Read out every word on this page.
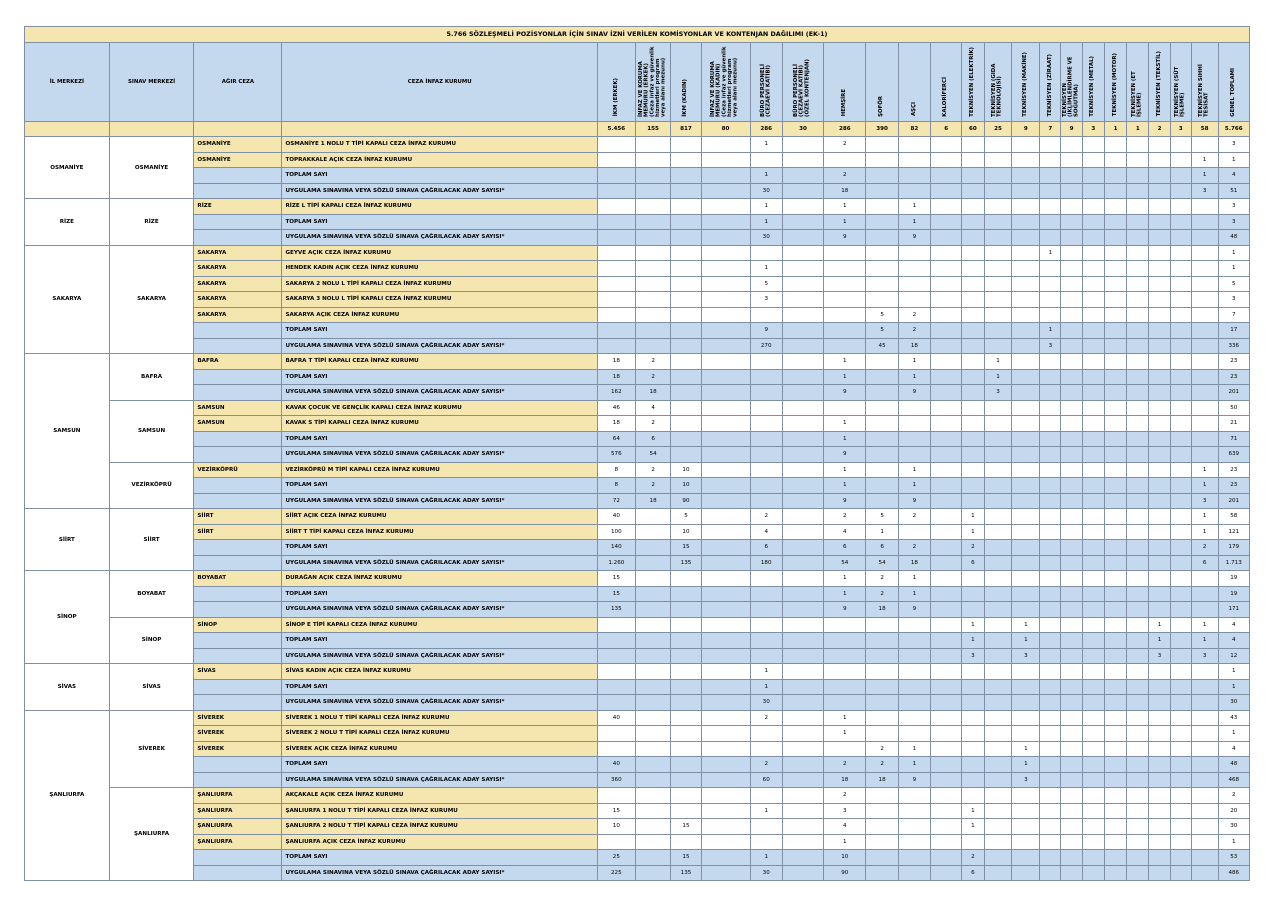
5.766 SÖZLEŞMELİ POZİSYONLAR İÇİN SINAV İZNİ VERİLEN KOMİSYONLAR VE KONTENJAN DAĞILIMI (EK-1)																									
İL MERKEZİ	SINAV MERKEZİ	AĞIR CEZA	CEZA İNFAZ KURUMU	İKM (ERKEK)	İNFAZ VE KORUMA MEMURU (ERKEK) (Ceza infaz ve güvenlik hizmetleri program veya alanı mezunu)	İKM (KADIN)	İNFAZ VE KORUMA MEMURU (KADIN) (Ceza infaz ve güvenlik hizmetleri program veya alanı mezunu)	BÜRO PERSONELİ (CEZAEVİ KATİBİ)	BÜRO PERSONELİ (CEZAEVİ KATİBİ) (ÖZEL KONTENJAN)	HEMŞİRE	ŞOFÖR	AŞÇI	KALORİFERCİ	TEKNİSYEN (ELEKTRİK)	TEKNİSYEN (GIDA TEKNOLOJİSİ)	TEKNİSYEN (MAKİNE)	TEKNİSYEN (ZİRAAT)	TEKNİSYEN (İKLİMLENDİRME VE SOĞUTMA)	TEKNİSYEN (METAL)	TEKNİSYEN (MOTOR)	TEKNİSYEN (ET İŞLEME)	TEKNİSYEN (TEKSTİL)	TEKNİSYEN (SÜT İŞLEME)	TEKNİSYEN SIHHİ TESİSAT	GENEL TOPLAMI
				5.456	155	817	80	286	30	286	390	82	6	60	25	9	7	9	3	1	1	2	3	58	5.766
OSMANİYE	OSMANİYE	OSMANİYE	OSMANİYE 1 NOLU T TİPİ KAPALI CEZA İNFAZ KURUMU					1		2															3
		OSMANİYE	TOPRAKKALE AÇIK CEZA İNFAZ KURUMU																					1	1
			TOPLAM SAYI					1		2														1	4
			UYGULAMA SINAVINA VEYA SÖZLÜ SINAVA ÇAĞRILACAK ADAY SAYISI*					30		18														3	51
RİZE	RİZE	RİZE	RİZE L TİPİ KAPALI CEZA İNFAZ KURUMU					1		1		1													3
			TOPLAM SAYI					1		1		1													3
			UYGULAMA SINAVINA VEYA SÖZLÜ SINAVA ÇAĞRILACAK ADAY SAYISI*					30		9		9													48
SAKARYA	SAKARYA	SAKARYA	GEYVE AÇIK CEZA İNFAZ KURUMU														1								1
		SAKARYA	HENDEK KADIN AÇIK CEZA İNFAZ KURUMU					1																	1
		SAKARYA	SAKARYA 2 NOLU L TİPİ KAPALI CEZA İNFAZ KURUMU					5																	5
		SAKARYA	SAKARYA 3 NOLU L TİPİ KAPALI CEZA İNFAZ KURUMU					3																	3
		SAKARYA	SAKARYA AÇIK CEZA İNFAZ KURUMU								5	2													7
			TOPLAM SAYI					9			5	2					1								17
			UYGULAMA SINAVINA VEYA SÖZLÜ SINAVA ÇAĞRILACAK ADAY SAYISI*					270			45	18					3								336
SAMSUN	BAFRA	BAFRA	BAFRA T TİPİ KAPALI CEZA İNFAZ KURUMU	18	2					1		1			1										23
			TOPLAM SAYI	18	2					1		1			1										23
			UYGULAMA SINAVINA VEYA SÖZLÜ SINAVA ÇAĞRILACAK ADAY SAYISI*	162	18					9		9			3										201
	SAMSUN	SAMSUN	KAVAK ÇOCUK VE GENÇLİK KAPALI CEZA İNFAZ KURUMU	46	4																				50
		SAMSUN	KAVAK S TİPİ KAPALI CEZA İNFAZ KURUMU	18	2					1															21
			TOPLAM SAYI	64	6					1															71
			UYGULAMA SINAVINA VEYA SÖZLÜ SINAVA ÇAĞRILACAK ADAY SAYISI*	576	54					9															639
	VEZİRKÖPRÜ	VEZİRKÖPRÜ	VEZİRKÖPRÜ M TİPİ KAPALI CEZA İNFAZ KURUMU	8	2	10				1		1												1	23
			TOPLAM SAYI	8	2	10				1		1												1	23
			UYGULAMA SINAVINA VEYA SÖZLÜ SINAVA ÇAĞRILACAK ADAY SAYISI*	72	18	90				9		9												3	201
SİİRT	SİİRT	SİİRT	SİİRT AÇIK CEZA İNFAZ KURUMU	40		5		2		2	5	2		1										1	58
		SİİRT	SİİRT T TİPİ KAPALI CEZA İNFAZ KURUMU	100		10		4		4	1			1										1	121
			TOPLAM SAYI	140		15		6		6	6	2		2										2	179
			UYGULAMA SINAVINA VEYA SÖZLÜ SINAVA ÇAĞRILACAK ADAY SAYISI*	1.260		135		180		54	54	18		6										6	1.713
SİNOP	BOYABAT	BOYABAT	DURAĞAN AÇIK CEZA İNFAZ KURUMU	15						1	2	1													19
			TOPLAM SAYI	15						1	2	1													19
			UYGULAMA SINAVINA VEYA SÖZLÜ SINAVA ÇAĞRILACAK ADAY SAYISI*	135						9	18	9													171
	SİNOP	SİNOP	SİNOP E TİPİ KAPALI CEZA İNFAZ KURUMU											1		1						1		1	4
			TOPLAM SAYI											1		1						1		1	4
			UYGULAMA SINAVINA VEYA SÖZLÜ SINAVA ÇAĞRILACAK ADAY SAYISI*											3		3						3		3	12
SİVAS	SİVAS	SİVAS	SİVAS KADIN AÇIK CEZA İNFAZ KURUMU					1																	1
			TOPLAM SAYI					1																	1
			UYGULAMA SINAVINA VEYA SÖZLÜ SINAVA ÇAĞRILACAK ADAY SAYISI*					30																	30
ŞANLIURFA	SİVEREK	SİVEREK	SİVEREK 1 NOLU T TİPİ KAPALI CEZA İNFAZ KURUMU	40				2		1															43
		SİVEREK	SİVEREK 2 NOLU T TİPİ KAPALI CEZA İNFAZ KURUMU							1															1
		SİVEREK	SİVEREK AÇIK CEZA İNFAZ KURUMU								2	1				1									4
			TOPLAM SAYI	40				2		2	2	1				1									48
			UYGULAMA SINAVINA VEYA SÖZLÜ SINAVA ÇAĞRILACAK ADAY SAYISI*	360				60		18	18	9				3									468
	ŞANLIURFA	ŞANLIURFA	AKÇAKALE AÇIK CEZA İNFAZ KURUMU							2															2
		ŞANLIURFA	ŞANLIURFA 1 NOLU T TİPİ KAPALI CEZA İNFAZ KURUMU	15				1		3				1											20
		ŞANLIURFA	ŞANLIURFA 2 NOLU T TİPİ KAPALI CEZA İNFAZ KURUMU	10		15				4				1											30
		ŞANLIURFA	ŞANLIURFA AÇIK CEZA İNFAZ KURUMU							1															1
			TOPLAM SAYI	25		15		1		10				2											53
			UYGULAMA SINAVINA VEYA SÖZLÜ SINAVA ÇAĞRILACAK ADAY SAYISI*	225		135		30		90				6											486
